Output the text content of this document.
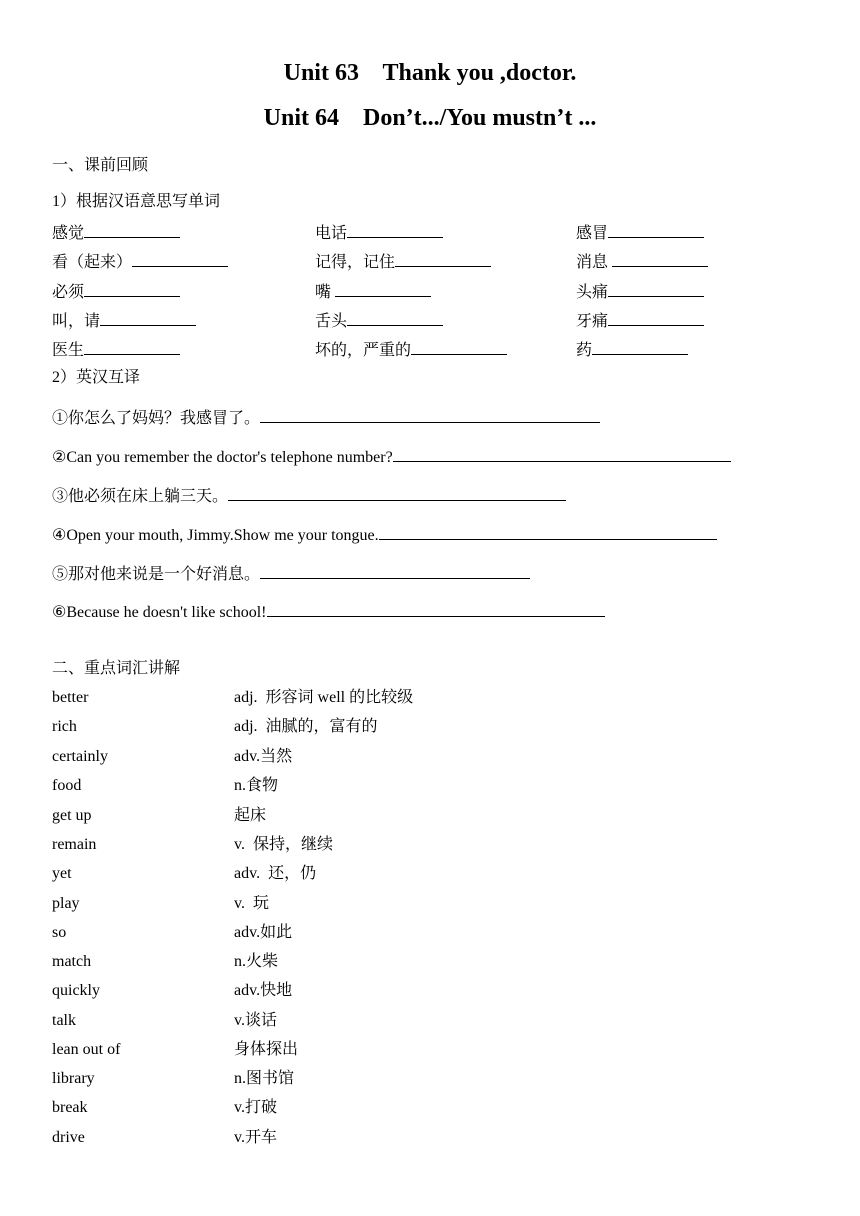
Unit 63    Thank you ,doctor.
Unit 64    Don’t.../You mustn’t ...
一、课前回顾
1）根据汉语意思写单词
感觉	电话	感冒
看（起来）	记得，记住	消息
必须	嘴	头痛
叫，请	舌头	牙痛
医生	坏的，严重的	药
2）英汉互译
①你怎么了妈妈？我感冒了。
②Can you remember the doctor's telephone number?
③他必须在床上躺三天。
④Open your mouth, Jimmy.Show me your tongue.
⑤那对他来说是一个好消息。
⑥Because he doesn't like school!
二、重点词汇讲解
better	adj.  形容词 well 的比较级
rich	adj.  油腻的，富有的
certainly	adv.当然
food	n.食物
get up	起床
remain	v.  保持，继续
yet	adv.  还，仍
play	v.  玩
so	adv.如此
match	n.火柴
quickly	adv.快地
talk	v.谈话
lean out of	身体探出
library	n.图书馆
break	v.打破
drive	v.开车
